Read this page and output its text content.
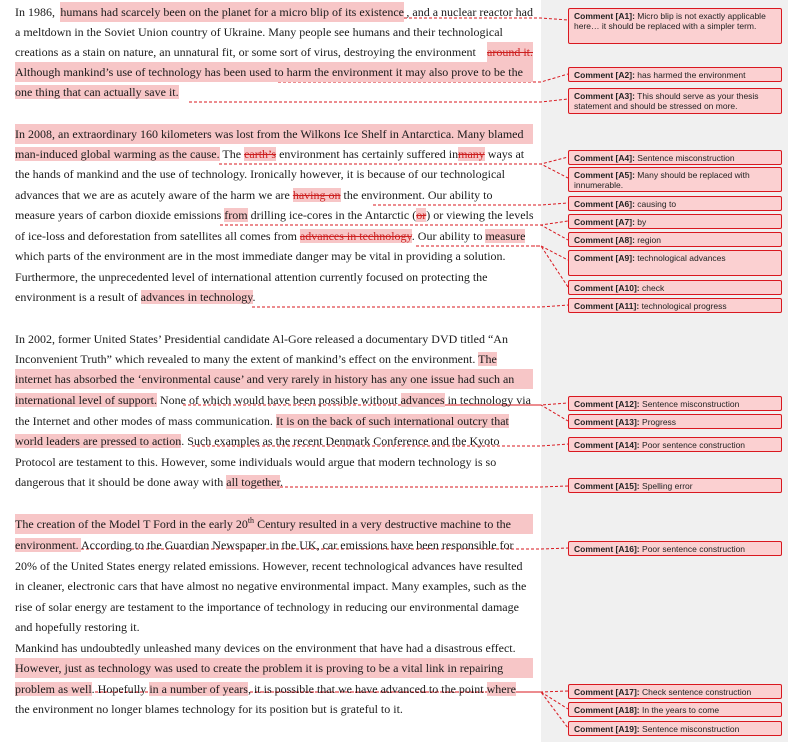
In 1986, humans had scarcely been on the planet for a micro blip of its existence , and a nuclear reactor had
a meltdown in the Soviet Union country of Ukraine. Many people see humans and their technological
creations as a stain on nature, an unnatural fit, or some sort of virus, destroying the environment around it.
Although mankind’s use of technology has been used to harm the environment it may also prove to be the
one thing that can actually save it.
In 2008, an extraordinary 160 kilometers was lost from the Wilkons Ice Shelf in Antarctica. Many blamed
man-induced global warming as the cause. The earth’s environment has certainly suffered inmany ways at
the hands of mankind and the use of technology. Ironically however, it is because of our technological
advances that we are as acutely aware of the harm we are having on the environment. Our ability to
measure years of carbon dioxide emissions from drilling ice-cores in the Antarctic (or) or viewing the levels
of ice-loss and deforestation from satellites all comes from advances in technology. Our ability to measure
which parts of the environment are in the most immediate danger may be vital in providing a solution.
Furthermore, the unprecedented level of international attention currently focused on protecting the
environment is a result of advances in technology.
In 2002, former United States’ Presidential candidate Al-Gore released a documentary DVD titled “An
Inconvenient Truth” which revealed to many the extent of mankind’s effect on the environment. The
internet has absorbed the ‘environmental cause’ and very rarely in history has any one issue had such an
international level of support. None of which would have been possible without advances in technology via
the Internet and other modes of mass communication. It is on the back of such international outcry that
world leaders are pressed to action. Such examples as the recent Denmark Conference and the Kyoto
Protocol are testament to this. However, some individuals would argue that modern technology is so
dangerous that it should be done away with all together.
The creation of the Model T Ford in the early 20th Century resulted in a very destructive machine to the
environment. According to the Guardian Newspaper in the UK, car emissions have been responsible for
20% of the United States energy related emissions. However, recent technological advances have resulted
in cleaner, electronic cars that have almost no negative environmental impact. Many examples, such as the
rise of solar energy are testament to the importance of technology in reducing our environmental damage
and hopefully restoring it.
Mankind has undoubtedly unleashed many devices on the environment that have had a disastrous effect.
However, just as technology was used to create the problem it is proving to be a vital link in repairing
problem as well. Hopefully in a number of years, it is possible that we have advanced to the point where
the environment no longer blames technology for its position but is grateful to it.
Comment [A1]: Micro blip is not exactly applicable here… it should be replaced with a simpler term.
Comment [A2]: has harmed the environment
Comment [A3]: This should serve as your thesis statement and should be stressed on more.
Comment [A4]: Sentence misconstruction
Comment [A5]: Many should be replaced with innumerable.
Comment [A6]: causing to
Comment [A7]: by
Comment [A8]: region
Comment [A9]: technological advances
Comment [A10]: check
Comment [A11]: technological progress
Comment [A12]: Sentence misconstruction
Comment [A13]: Progress
Comment [A14]: Poor sentence construction
Comment [A15]: Spelling error
Comment [A16]: Poor sentence construction
Comment [A17]: Check sentence construction
Comment [A18]: In the years to come
Comment [A19]: Sentence misconstruction
